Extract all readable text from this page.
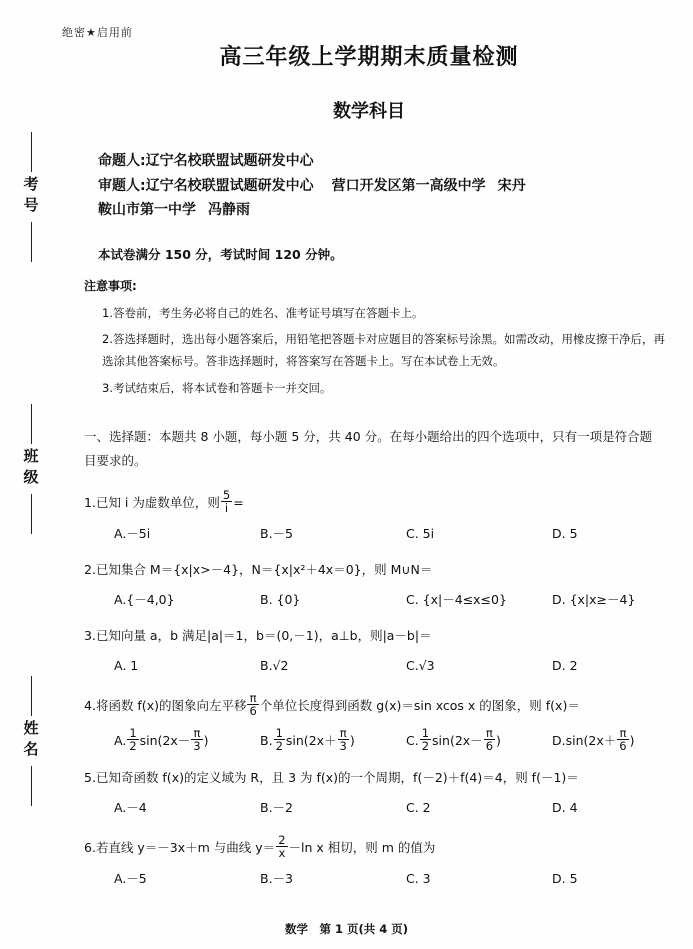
绝密★启用前
考号
班级
姓名
高三年级上学期期末质量检测
数学科目
命题人:辽宁名校联盟试题研发中心
审题人:辽宁名校联盟试题研发中心 营口开发区第一高级中学 宋丹
鞍山市第一中学 冯静雨
本试卷满分 150 分，考试时间 120 分钟。
注意事项:
1.答卷前，考生务必将自己的姓名、准考证号填写在答题卡上。
2.答选择题时，选出每小题答案后，用铅笔把答题卡对应题目的答案标号涂黑。如需改动，用橡皮擦干净后，再选涂其他答案标号。答非选择题时，将答案写在答题卡上。写在本试卷上无效。
3.考试结束后，将本试卷和答题卡一并交回。
一、选择题：本题共 8 小题，每小题 5 分，共 40 分。在每小题给出的四个选项中，只有一项是符合题目要求的。
1.已知 i 为虚数单位，则 $\frac{5}{i}$ =
A.－5i	B.－5	C. 5i	D. 5
2.已知集合 M＝{x|x>－4}，N＝{x|x²＋4x＝0}，则 M∪N＝
A.{－4,0}	B. {0}	C. {x|－4≤x≤0}	D. {x|x≥－4}
3.已知向量 a，b 满足|a|＝1，b＝(0,－1)，a⊥b，则|a－b|＝
A. 1	B.√2	C.√3	D. 2
4.将函数 f(x)的图象向左平移 $\frac{\pi}{6}$ 个单位长度得到函数 g(x)＝sin xcos x 的图象，则 f(x)＝
A. $\frac{1}{2} \sin(2x- \frac{\pi}{3}$ )	B. $\frac{1}{2} \sin(2x+ \frac{\pi}{3}$ )	C. $\frac{1}{2} \sin(2x- \frac{\pi}{6}$ )	$D.\sin(2x+ \frac{\pi}{6}$ )
5.已知奇函数 f(x)的定义域为 R，且 3 为 f(x)的一个周期，f(－2)＋f(4)＝4，则 f(－1)＝
A.－4	B.－2	C. 2	D. 4
6.若直线 y＝－3x＋m 与曲线 $y= \frac{2}{x} -\ln$ x 相切，则 m 的值为
A.－5	B.－3	C. 3	D. 5
数学　第 1 页(共 4 页)
